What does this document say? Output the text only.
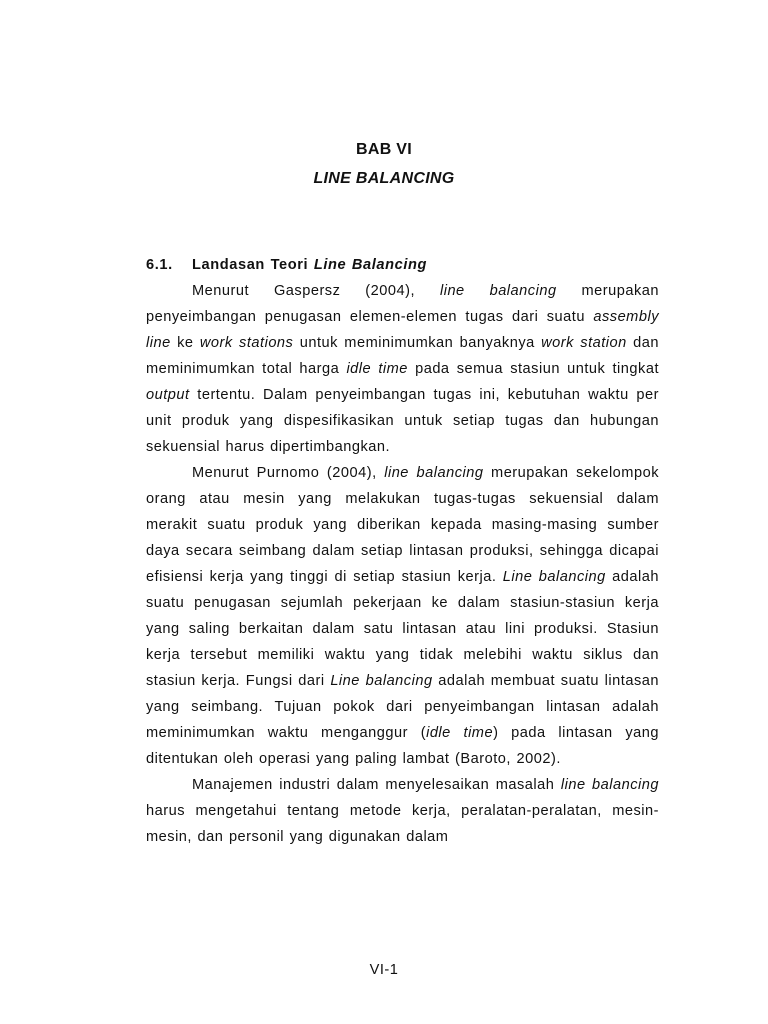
BAB VI
LINE BALANCING
6.1. Landasan Teori Line Balancing

Menurut Gaspersz (2004), line balancing merupakan penyeimbangan penugasan elemen-elemen tugas dari suatu assembly line ke work stations untuk meminimumkan banyaknya work station dan meminimumkan total harga idle time pada semua stasiun untuk tingkat output tertentu. Dalam penyeimbangan tugas ini, kebutuhan waktu per unit produk yang dispesifikasikan untuk setiap tugas dan hubungan sekuensial harus dipertimbangkan.

Menurut Purnomo (2004), line balancing merupakan sekelompok orang atau mesin yang melakukan tugas-tugas sekuensial dalam merakit suatu produk yang diberikan kepada masing-masing sumber daya secara seimbang dalam setiap lintasan produksi, sehingga dicapai efisiensi kerja yang tinggi di setiap stasiun kerja. Line balancing adalah suatu penugasan sejumlah pekerjaan ke dalam stasiun-stasiun kerja yang saling berkaitan dalam satu lintasan atau lini produksi. Stasiun kerja tersebut memiliki waktu yang tidak melebihi waktu siklus dan stasiun kerja. Fungsi dari Line balancing adalah membuat suatu lintasan yang seimbang. Tujuan pokok dari penyeimbangan lintasan adalah meminimumkan waktu menganggur (idle time) pada lintasan yang ditentukan oleh operasi yang paling lambat (Baroto, 2002).

Manajemen industri dalam menyelesaikan masalah line balancing harus mengetahui tentang metode kerja, peralatan-peralatan, mesin-mesin, dan personil yang digunakan dalam

VI-1
